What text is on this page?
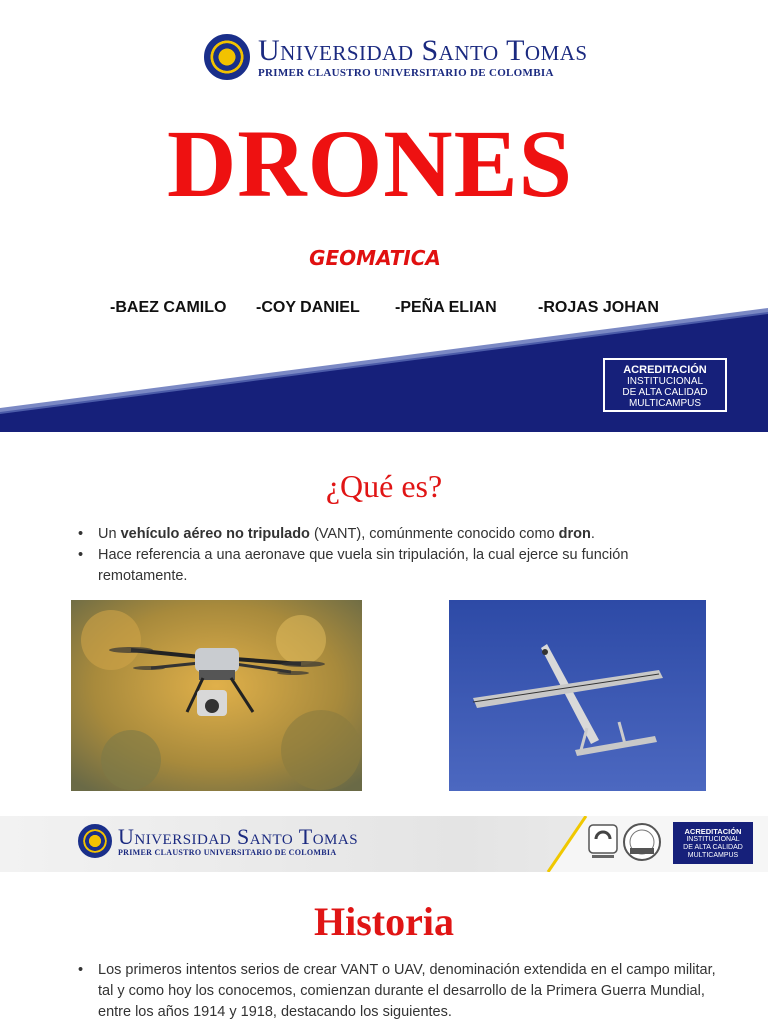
Universidad Santo Tomas
PRIMER CLAUSTRO UNIVERSITARIO DE COLOMBIA
DRONES
GEOMATICA
-BAEZ CAMILO -COY DANIEL -PEÑA ELIAN	-ROJAS JOHAN
ACREDITACIÓN
INSTITUCIONAL
DE ALTA CALIDAD
MULTICAMPUS
¿Qué es?
• Un vehículo aéreo no tripulado (VANT), comúnmente conocido como dron.
• Hace referencia a una aeronave que vuela sin tripulación, la cual ejerce su función remotamente.
Universidad Santo Tomas
PRIMER CLAUSTRO UNIVERSITARIO DE COLOMBIA
ACREDITACIÓN
INSTITUCIONAL
DE ALTA CALIDAD
MULTICAMPUS
Historia
• Los primeros intentos serios de crear VANT o UAV, denominación extendida en el campo militar, tal y como hoy los conocemos, comienzan durante el desarrollo de la Primera Guerra Mundial, entre los años 1914 y 1918, destacando los siguientes.
